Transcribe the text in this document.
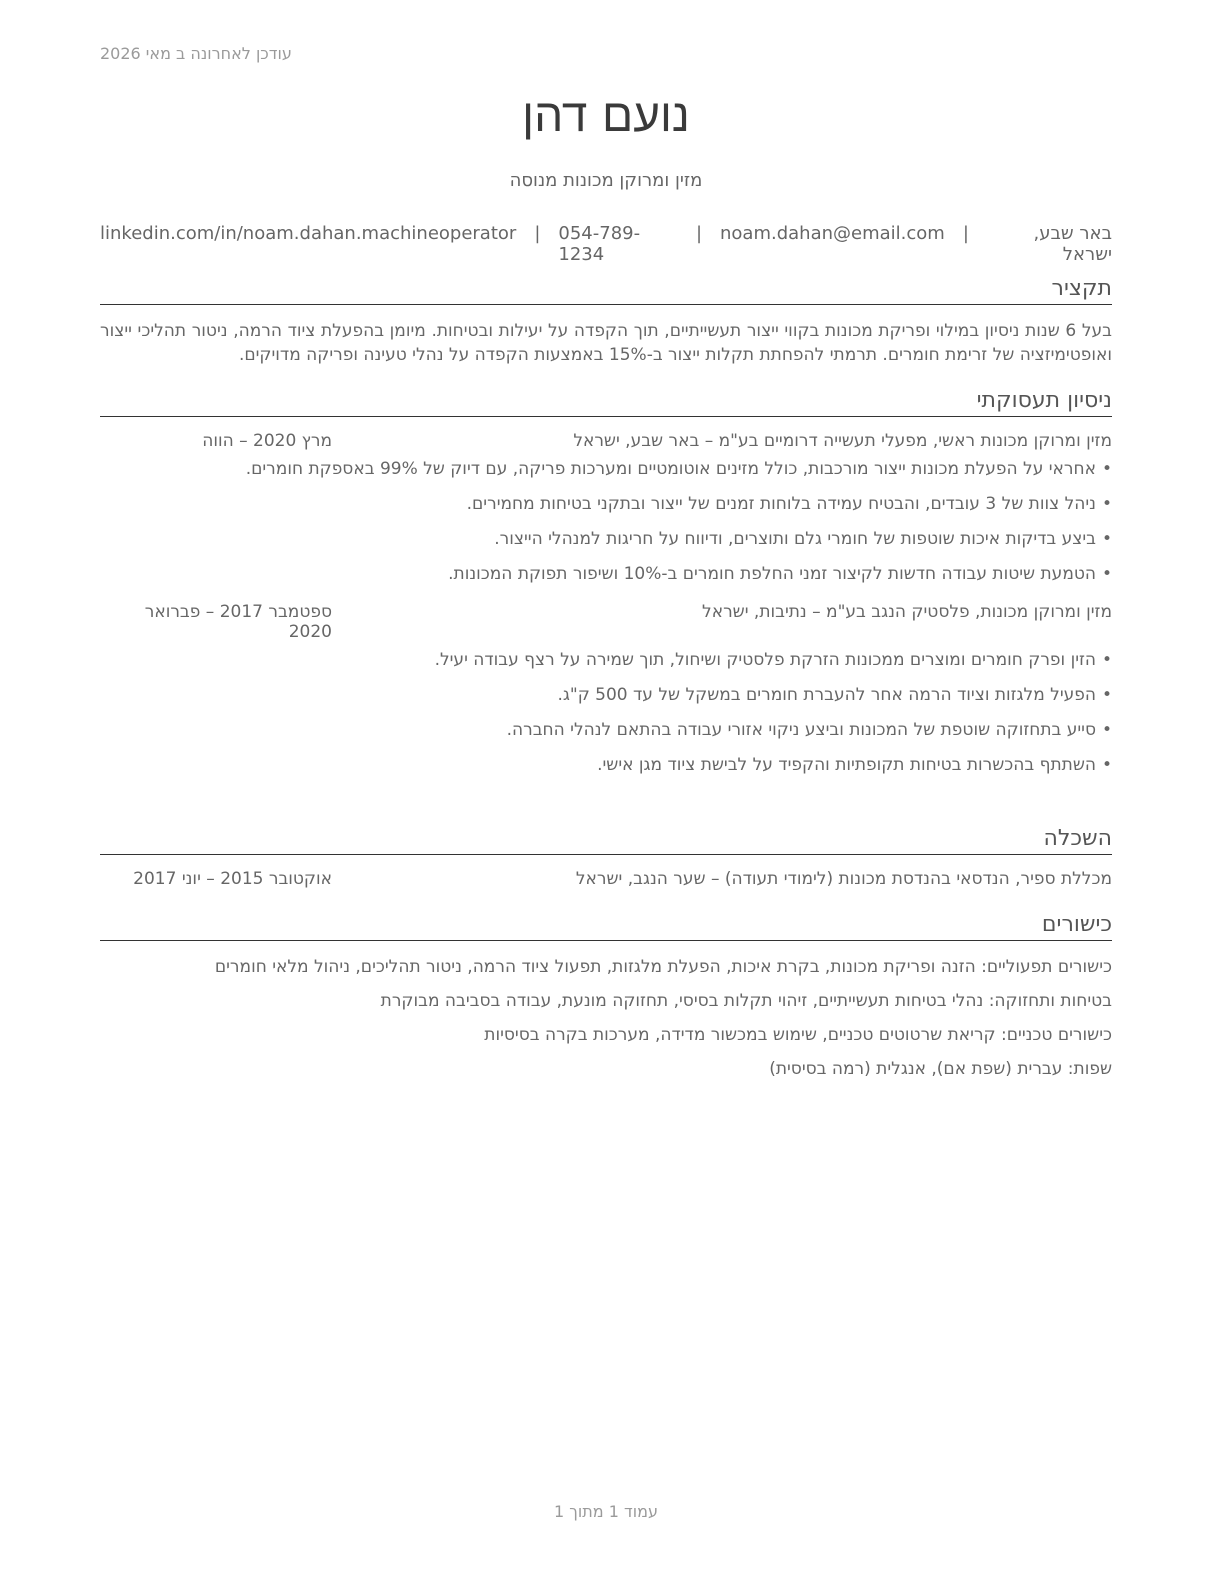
עודכן לאחרונה ב מאי 2026
נועם דהן
מזין ומרוקן מכונות מנוסה
באר שבע, ישראל
|
noam.dahan@email.com
|
054-789-1234
|
linkedin.com/in/noam.dahan.machineoperator
תקציר

בעל 6 שנות ניסיון במילוי ופריקת מכונות בקווי ייצור תעשייתיים, תוך הקפדה על יעילות ובטיחות. מיומן בהפעלת ציוד הרמה, ניטור תהליכי ייצור ואופטימיזציה של זרימת חומרים. תרמתי להפחתת תקלות ייצור ב-15% באמצעות הקפדה על נהלי טעינה ופריקה מדויקים.

ניסיון תעסוקתי
מזין ומרוקן מכונות ראשי, מפעלי תעשייה דרומיים בע"מ – באר שבע, ישראל
מרץ 2020 – הווה
• אחראי על הפעלת מכונות ייצור מורכבות, כולל מזינים אוטומטיים ומערכות פריקה, עם דיוק של 99% באספקת חומרים.
• ניהל צוות של 3 עובדים, והבטיח עמידה בלוחות זמנים של ייצור ובתקני בטיחות מחמירים.
• ביצע בדיקות איכות שוטפות של חומרי גלם ותוצרים, ודיווח על חריגות למנהלי הייצור.
• הטמעת שיטות עבודה חדשות לקיצור זמני החלפת חומרים ב-10% ושיפור תפוקת המכונות.
מזין ומרוקן מכונות, פלסטיק הנגב בע"מ – נתיבות, ישראל
ספטמבר 2017 – פברואר 2020
• הזין ופרק חומרים ומוצרים ממכונות הזרקת פלסטיק ושיחול, תוך שמירה על רצף עבודה יעיל.
• הפעיל מלגזות וציוד הרמה אחר להעברת חומרים במשקל של עד 500 ק"ג.
• סייע בתחזוקה שוטפת של המכונות וביצע ניקוי אזורי עבודה בהתאם לנהלי החברה.
• השתתף בהכשרות בטיחות תקופתיות והקפיד על לבישת ציוד מגן אישי.
השכלה
מכללת ספיר, הנדסאי בהנדסת מכונות (לימודי תעודה) – שער הנגב, ישראל
אוקטובר 2015 – יוני 2017
כישורים

כישורים תפעוליים: הזנה ופריקת מכונות, בקרת איכות, הפעלת מלגזות, תפעול ציוד הרמה, ניטור תהליכים, ניהול מלאי חומרים

בטיחות ותחזוקה: נהלי בטיחות תעשייתיים, זיהוי תקלות בסיסי, תחזוקה מונעת, עבודה בסביבה מבוקרת

כישורים טכניים: קריאת שרטוטים טכניים, שימוש במכשור מדידה, מערכות בקרה בסיסיות

שפות: עברית (שפת אם), אנגלית (רמה בסיסית)

עמוד 1 מתוך 1
